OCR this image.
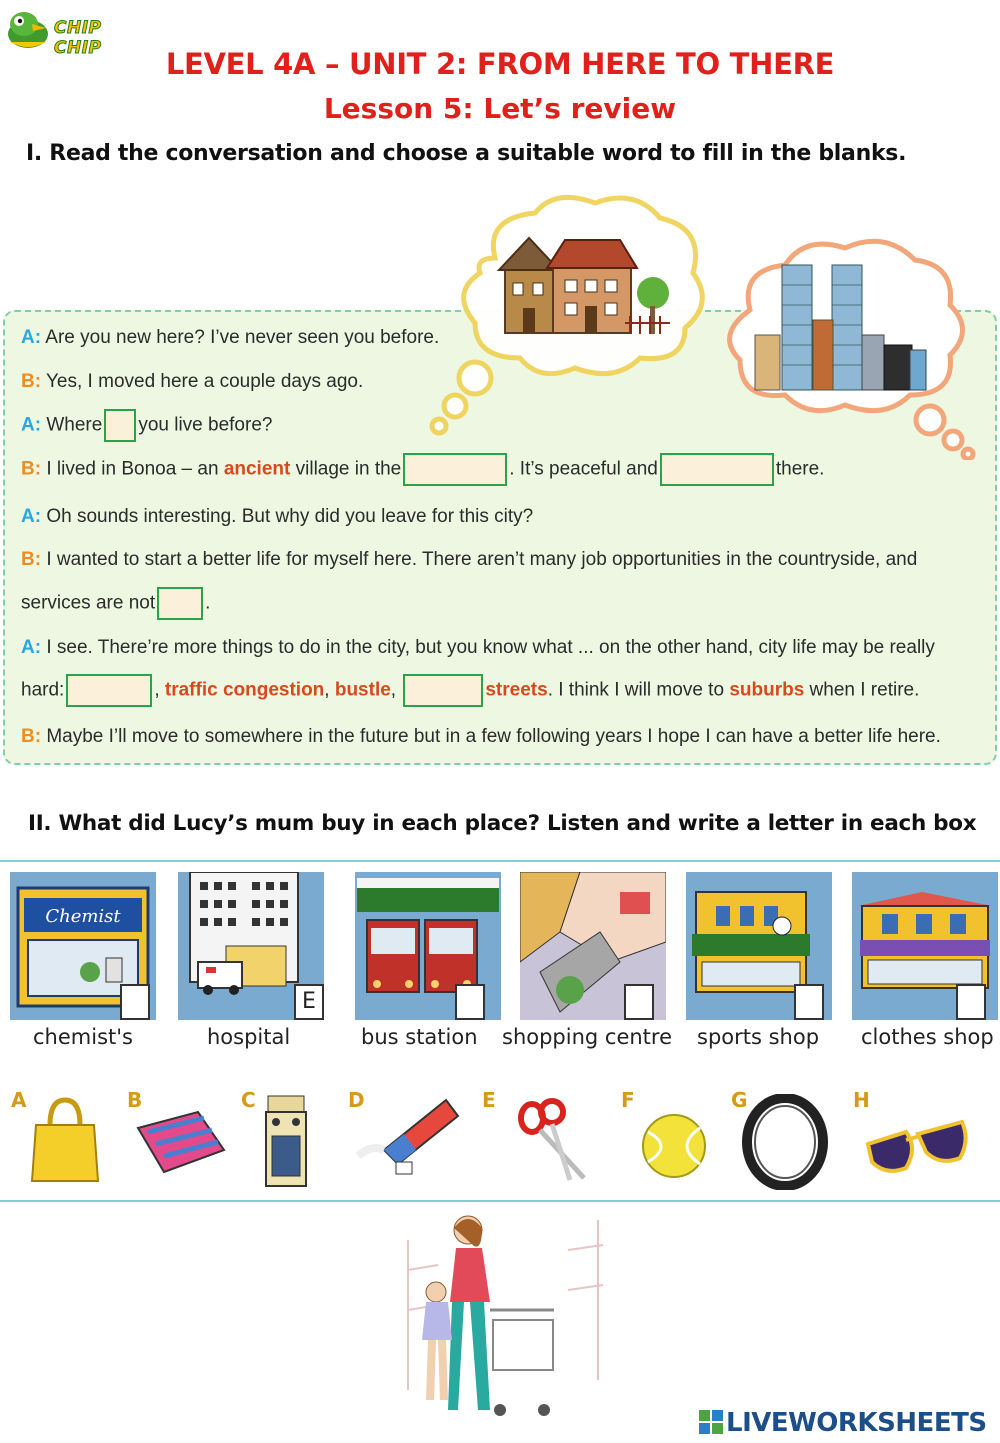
CHIP CHIP	LEVEL 4A – UNIT 2: FROM HERE TO THERE
Lesson 5: Let’s review
I. Read the conversation and choose a suitable word to fill in the blanks.
A: Are you new here? I’ve never seen you before.
B: Yes, I moved here a couple days ago.
A: Where you live before?
B: I lived in Bonoa – an ancient village in the	. It’s peaceful and	there.
A: Oh sounds interesting. But why did you leave for this city?
B: I wanted to start a better life for myself here. There aren’t many job opportunities in the countryside, and
services are not	.
A: I see. There’re more things to do in the city, but you know what ... on the other hand, city life may be really
hard:	, traffic congestion, bustle,	streets. I think I will move to suburbs when I retire.
B: Maybe I’ll move to somewhere in the future but in a few following years I hope I can have a better life here.
II. What did Lucy’s mum buy in each place? Listen and write a letter in each box
Chemist
chemist's
E
hospital	bus station shopping centre sports shop clothes shop
A	B	C	D	E	F	G	H
LIVEWORKSHEETS
